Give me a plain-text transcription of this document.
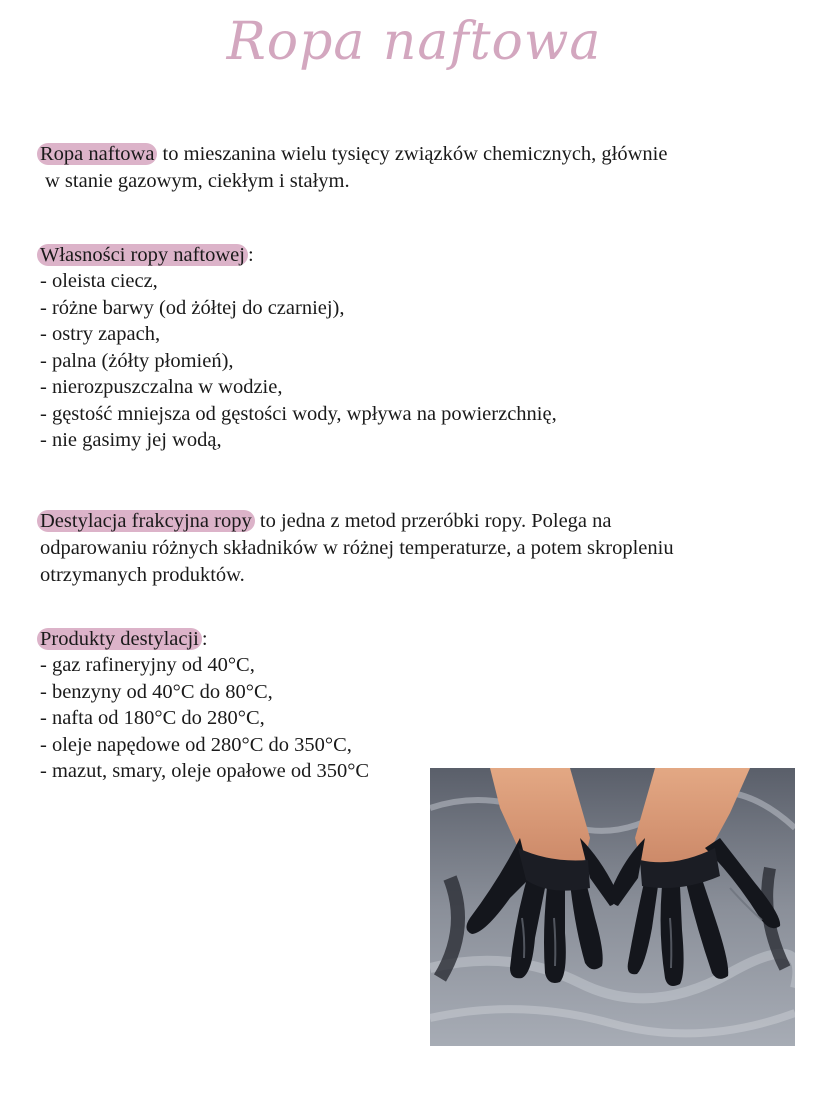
Ropa naftowa

Ropa naftowa to mieszanina wielu tysięcy związków chemicznych, głównie
w stanie gazowym, ciekłym i stałym.

Własności ropy naftowej :

- oleista ciecz,
- różne barwy (od żółtej do czarniej),
- ostry zapach,
- palna (żółty płomień),
- nierozpuszczalna w wodzie,
- gęstość mniejsza od gęstości wody, wpływa na powierzchnię,
- nie gasimy jej wodą,

Destylacja frakcyjna ropy to jedna z metod przeróbki ropy. Polega na
odparowaniu różnych składników w różnej temperaturze, a potem skropleniu
otrzymanych produktów.

Produkty destylacji :

- gaz rafineryjny od 40°C,
- benzyny od 40°C do 80°C,
- nafta od 180°C do 280°C,
- oleje napędowe od 280°C do 350°C,
- mazut, smary, oleje opałowe od 350°C
